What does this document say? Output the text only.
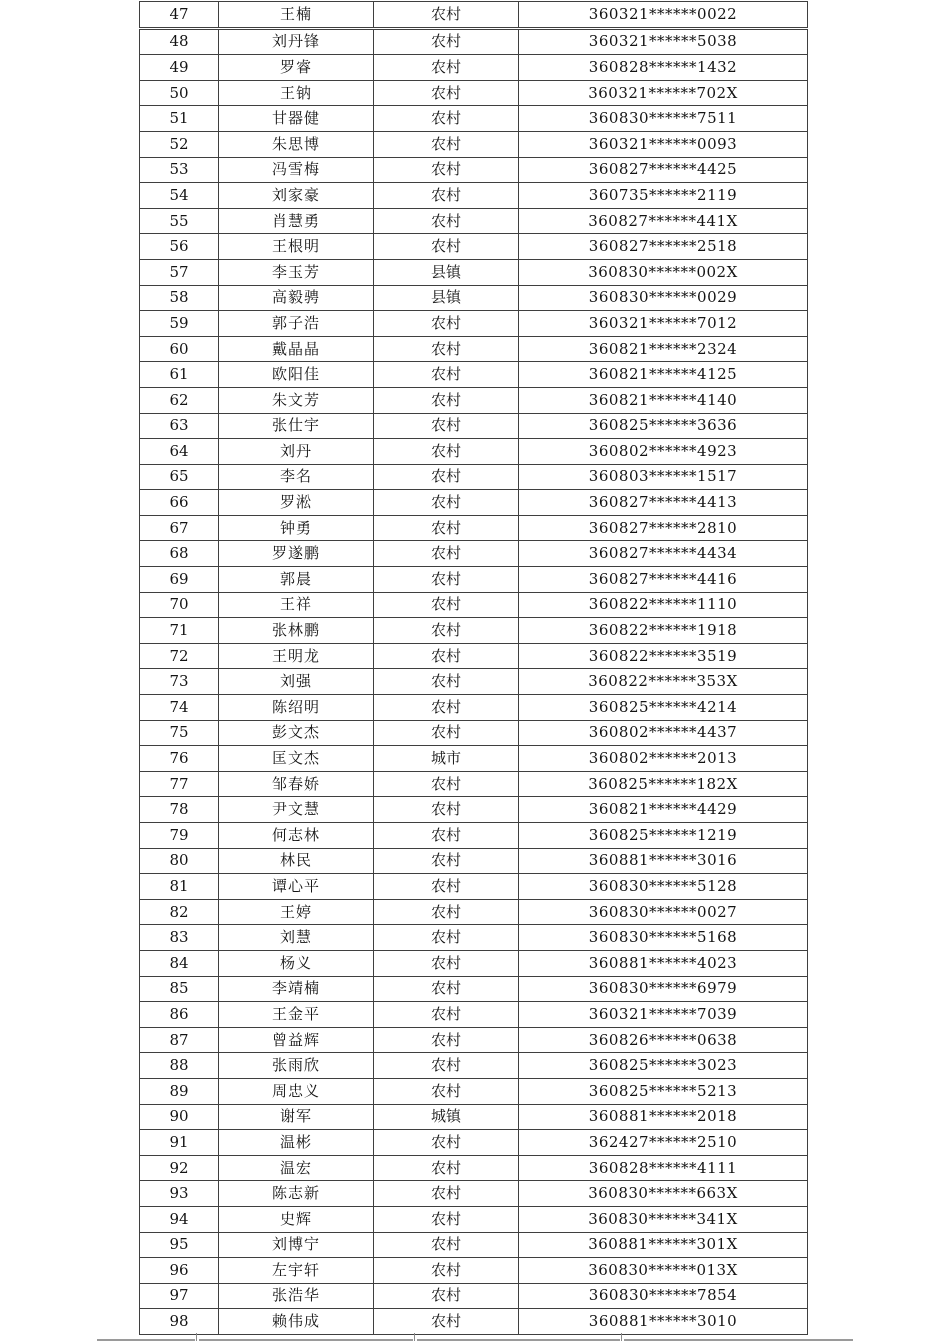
47	王楠	农村	360321******0022
48	刘丹锋	农村	360321******5038
49	罗睿	农村	360828******1432
50	王钠	农村	360321******702X
51	甘器健	农村	360830******7511
52	朱思博	农村	360321******0093
53	冯雪梅	农村	360827******4425
54	刘家豪	农村	360735******2119
55	肖慧勇	农村	360827******441X
56	王根明	农村	360827******2518
57	李玉芳	县镇	360830******002X
58	高毅骋	县镇	360830******0029
59	郭子浩	农村	360321******7012
60	戴晶晶	农村	360821******2324
61	欧阳佳	农村	360821******4125
62	朱文芳	农村	360821******4140
63	张仕宇	农村	360825******3636
64	刘丹	农村	360802******4923
65	李名	农村	360803******1517
66	罗淞	农村	360827******4413
67	钟勇	农村	360827******2810
68	罗遂鹏	农村	360827******4434
69	郭晨	农村	360827******4416
70	王祥	农村	360822******1110
71	张林鹏	农村	360822******1918
72	王明龙	农村	360822******3519
73	刘强	农村	360822******353X
74	陈绍明	农村	360825******4214
75	彭文杰	农村	360802******4437
76	匡文杰	城市	360802******2013
77	邹春娇	农村	360825******182X
78	尹文慧	农村	360821******4429
79	何志林	农村	360825******1219
80	林民	农村	360881******3016
81	谭心平	农村	360830******5128
82	王婷	农村	360830******0027
83	刘慧	农村	360830******5168
84	杨义	农村	360881******4023
85	李靖楠	农村	360830******6979
86	王金平	农村	360321******7039
87	曾益辉	农村	360826******0638
88	张雨欣	农村	360825******3023
89	周忠义	农村	360825******5213
90	谢军	城镇	360881******2018
91	温彬	农村	362427******2510
92	温宏	农村	360828******4111
93	陈志新	农村	360830******663X
94	史辉	农村	360830******341X
95	刘博宁	农村	360881******301X
96	左宇轩	农村	360830******013X
97	张浩华	农村	360830******7854
98	赖伟成	农村	360881******3010
